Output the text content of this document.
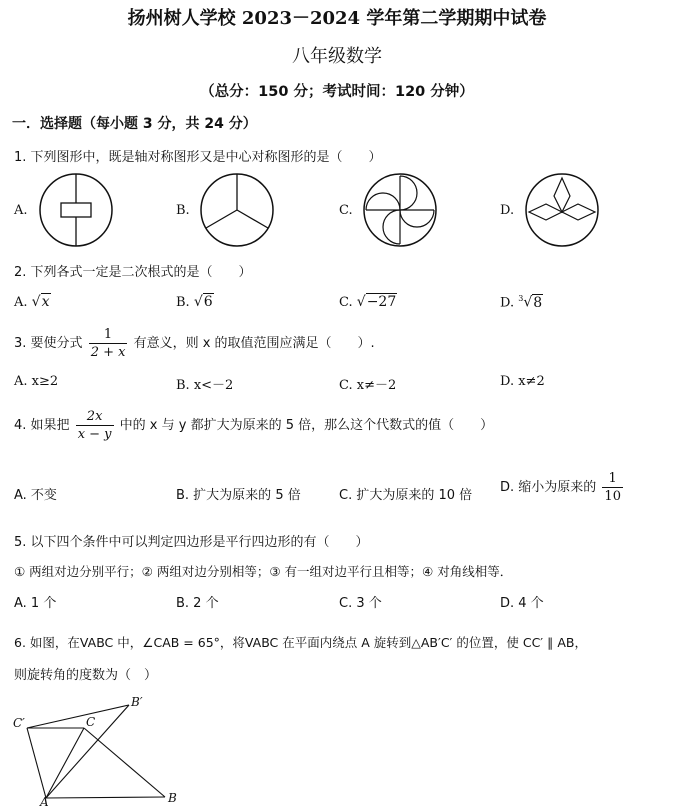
扬州树人学校 2023－2024 学年第二学期期中试卷
八年级数学
（总分：150 分；考试时间：120 分钟）
一．选择题（每小题 3 分，共 24 分）
1. 下列图形中，既是轴对称图形又是中心对称图形的是（　　）
A.	B.	C.	D.
2. 下列各式一定是二次根式的是（　　）
A. √x	B. √6	C. √−27	D. $^3$√8
3. 要使分式 $\frac{1}{2 + x}$ 有意义，则 x 的取值范围应满足（　　）.
A. x≥2	B. x<－2	C. x≠－2	D. x≠2
4. 如果把 $\frac{2x}{x - y}$ 中的 x 与 y 都扩大为原来的 5 倍，那么这个代数式的值（　　）
A. 不变	B. 扩大为原来的 5 倍	C. 扩大为原来的 10 倍
D. 缩小为原来的 $\frac{1}{10}$
5. 以下四个条件中可以判定四边形是平行四边形的有（　　）
① 两组对边分别平行；② 两组对边分别相等；③ 有一组对边平行且相等；④ 对角线相等．
A. 1 个	B. 2 个	C. 3 个	D. 4 个
6. 如图，在VABC 中，∠CAB = 65°，将VABC 在平面内绕点 A 旋转到△AB′C′ 的位置，使 CC′ ∥ AB，
则旋转角的度数为（　）
C′	C
B′
A	B
